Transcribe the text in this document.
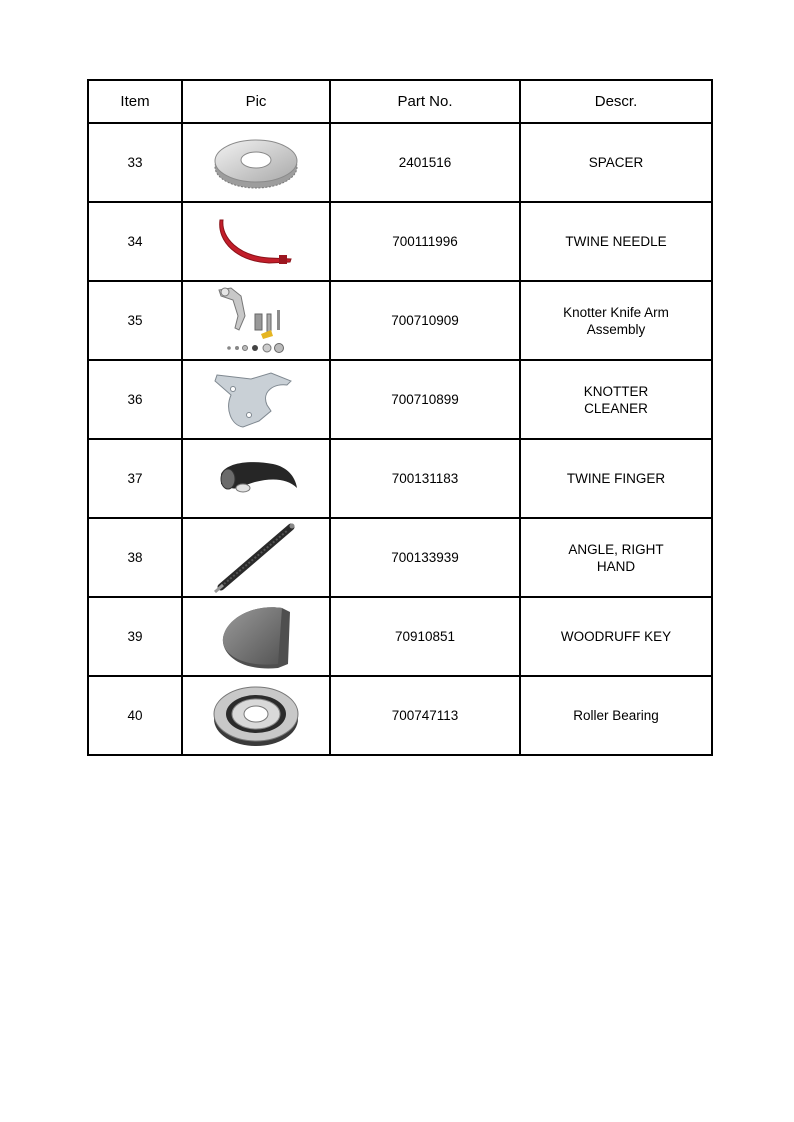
Item	Pic	Part No.	Descr.
33		2401516	SPACER
34		700111996	TWINE NEEDLE
35		700710909	Knotter Knife Arm Assembly
36		700710899	KNOTTER CLEANER
37		700131183	TWINE FINGER
38		700133939	ANGLE, RIGHT HAND
39		70910851	WOODRUFF KEY
40		700747113	Roller Bearing
